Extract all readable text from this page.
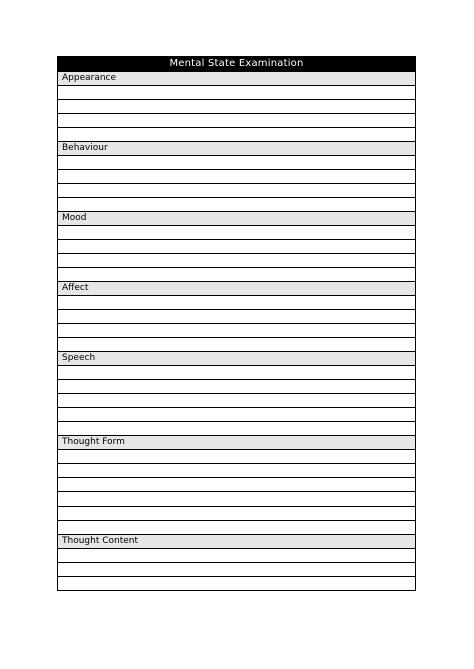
Mental State Examination
Appearance
Behaviour
Mood
Affect
Speech
Thought Form
Thought Content
